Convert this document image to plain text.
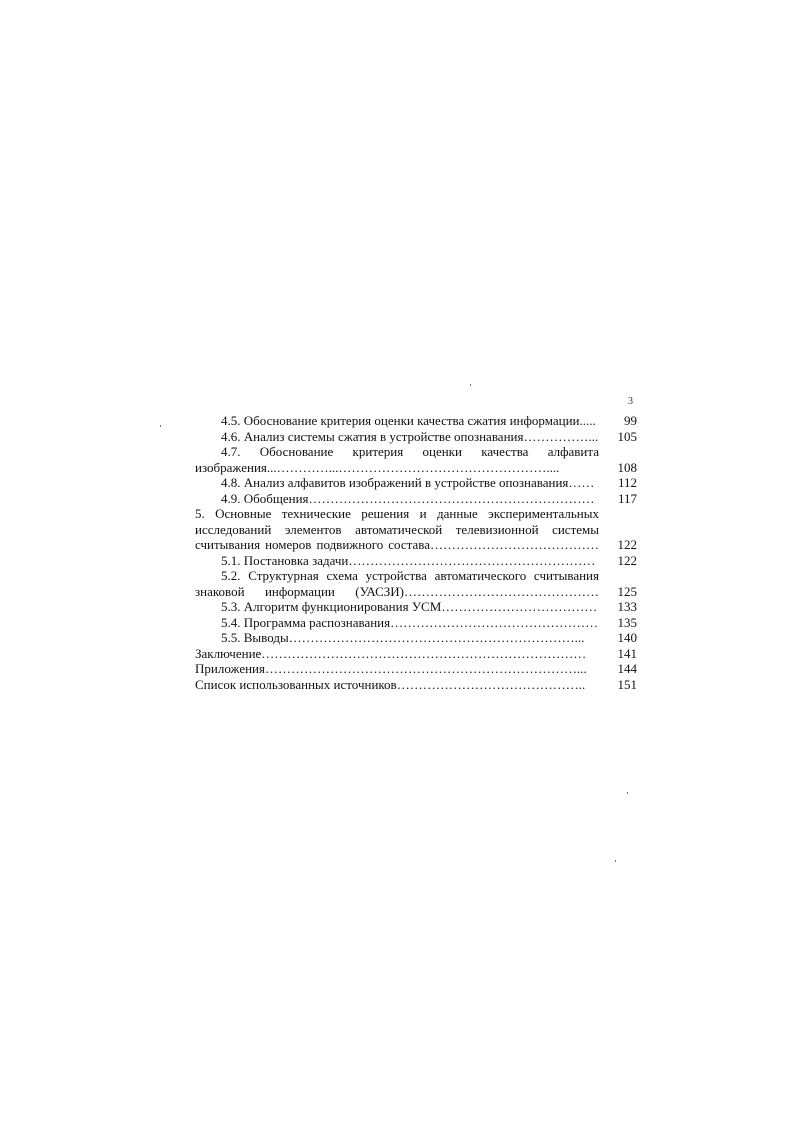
3
4.5. Обоснование критерия оценки качества сжатия информации.....	99
4.6. Анализ системы сжатия в устройстве опознавания……………...	105
4.7. Обоснование критерия оценки качества алфавита
изображения...…………...…………………………………………....	108
4.8. Анализ алфавитов изображений в устройстве опознавания……	112
4.9. Обобщения…………………………………………………………	117
5. Основные технические решения и данные экспериментальных
исследований элементов автоматической телевизионной системы
считывания номеров подвижного состава…………………………………	122
5.1. Постановка задачи…………………………………………………	122
5.2. Структурная схема устройства автоматического считывания
знаковой информации (УАСЗИ)………………………………………	125
5.3. Алгоритм функционирования УСМ………………………………	133
5.4. Программа распознавания…………………………………………	135
5.5. Выводы…………………………………………………………...	140
Заключение…………………………………………………………………	141
Приложения………………………………………………………………...	144
Список использованных источников……………………………………..	151
